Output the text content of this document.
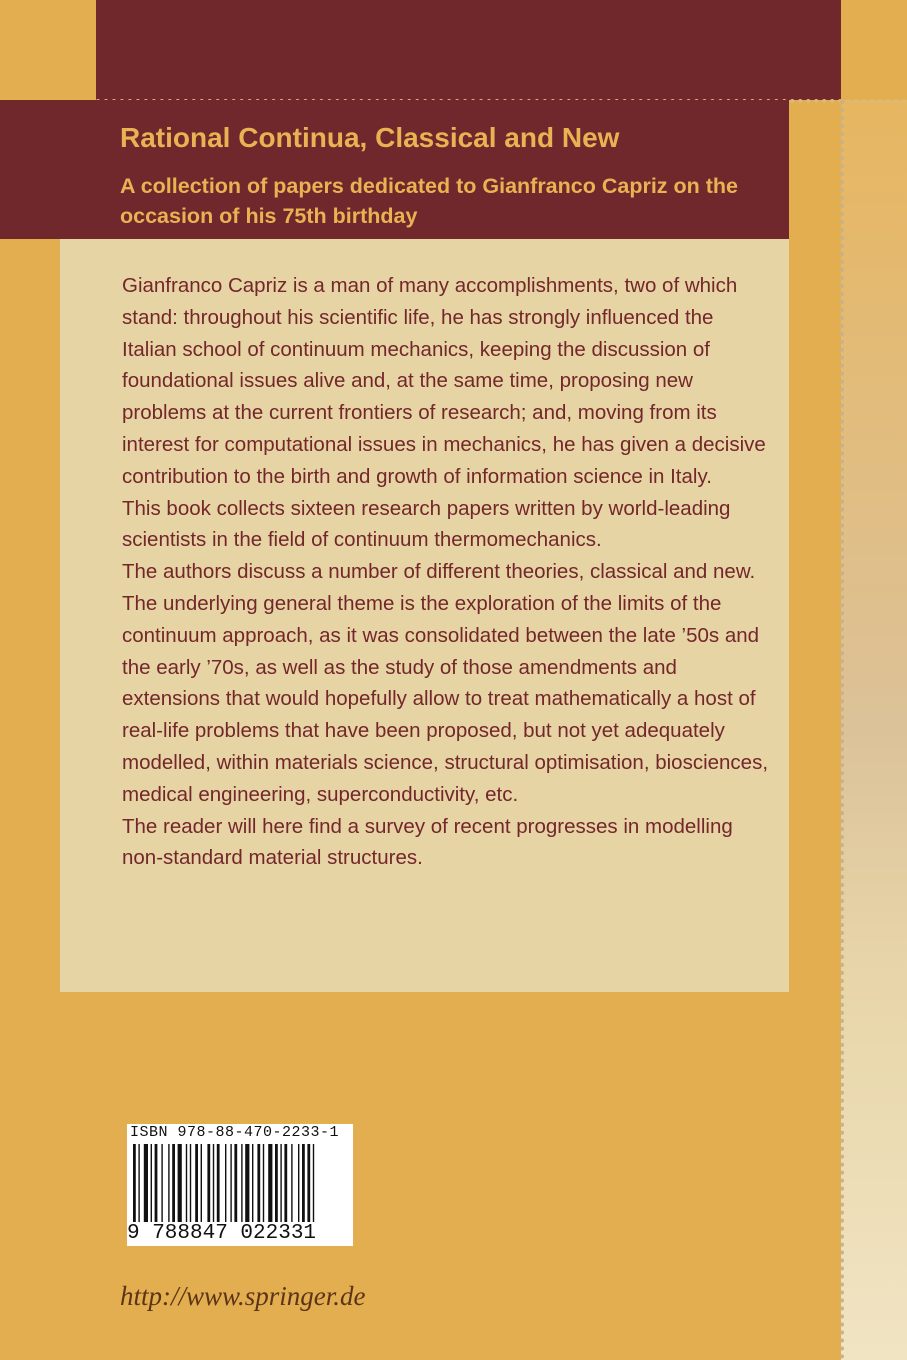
Rational Continua, Classical and New
A collection of papers dedicated to Gianfranco Capriz on the occasion of his 75th birthday

Gianfranco Capriz is a man of many accomplishments, two of which stand: throughout his scientific life, he has strongly influenced the Italian school of continuum mechanics, keeping the discussion of foundational issues alive and, at the same time, proposing new problems at the current frontiers of research; and, moving from its interest for computational issues in mechanics, he has given a decisive contribution to the birth and growth of information science in Italy.

This book collects sixteen research papers written by world-leading scientists in the field of continuum thermomechanics.

The authors discuss a number of different theories, classical and new. The underlying general theme is the exploration of the limits of the continuum approach, as it was consolidated between the late ’50s and the early ’70s, as well as the study of those amendments and extensions that would hopefully allow to treat mathematically a host of real-life problems that have been proposed, but not yet adequately modelled, within materials science, structural optimisation, biosciences, medical engineering, superconductivity, etc.

The reader will here find a survey of recent progresses in modelling non-standard material structures.

ISBN 978-88-470-2233-1
9 788847 022331
http://www.springer.de
